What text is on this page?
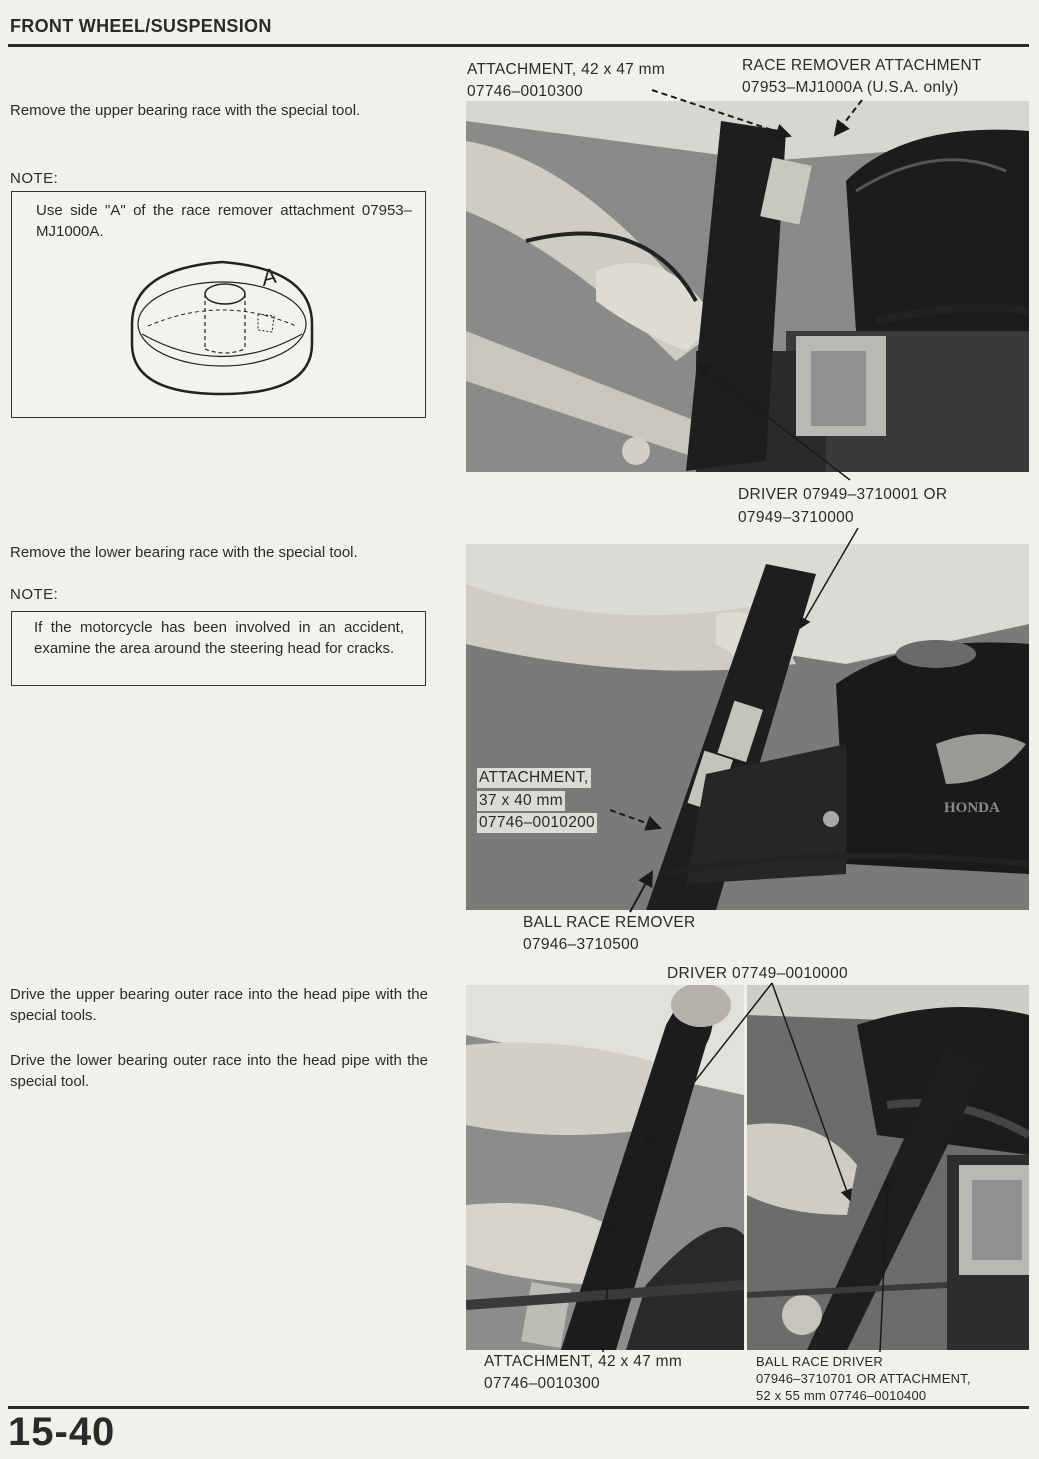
FRONT WHEEL/SUSPENSION
Remove the upper bearing race with the special tool.
NOTE:

Use side "A" of the race remover attachment 07953–MJ1000A.

A
ATTACHMENT, 42 x 47 mm
07746–0010300
RACE REMOVER ATTACHMENT
07953–MJ1000A (U.S.A. only)
DRIVER 07949–3710001 OR
07949–3710000
Remove the lower bearing race with the special tool.
NOTE:

If the motorcycle has been involved in an accident, examine the area around the steering head for cracks.

HONDA
ATTACHMENT,
37 x 40 mm
07746–0010200
BALL RACE REMOVER
07946–3710500
Drive the upper bearing outer race into the head pipe with the special tools.
Drive the lower bearing outer race into the head pipe with the special tool.
DRIVER 07749–0010000
ATTACHMENT, 42 x 47 mm
07746–0010300
BALL RACE DRIVER
07946–3710701 OR ATTACHMENT,
52 x 55 mm 07746–0010400
15-40
